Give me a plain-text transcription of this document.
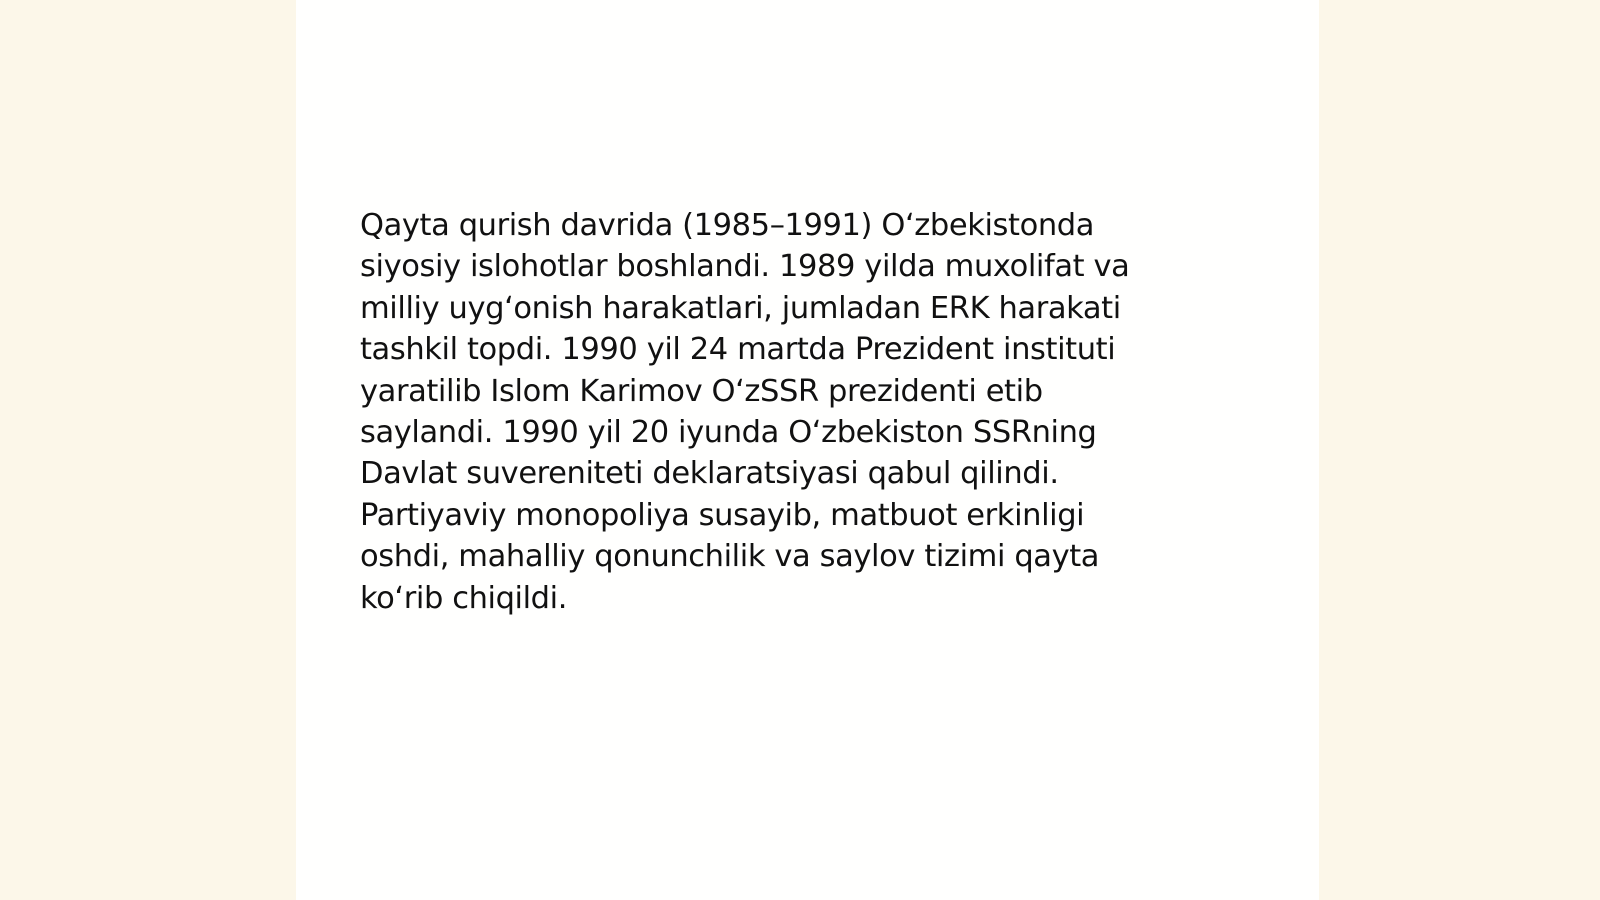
Qayta qurish davrida (1985–1991) O‘zbekistonda
siyosiy islohotlar boshlandi. 1989 yilda muxolifat va
milliy uyg‘onish harakatlari, jumladan ERK harakati
tashkil topdi. 1990 yil 24 martda Prezident instituti
yaratilib Islom Karimov O‘zSSR prezidenti etib
saylandi. 1990 yil 20 iyunda O‘zbekiston SSRning
Davlat suvereniteti deklaratsiyasi qabul qilindi.
Partiyaviy monopoliya susayib, matbuot erkinligi
oshdi, mahalliy qonunchilik va saylov tizimi qayta
ko‘rib chiqildi.
